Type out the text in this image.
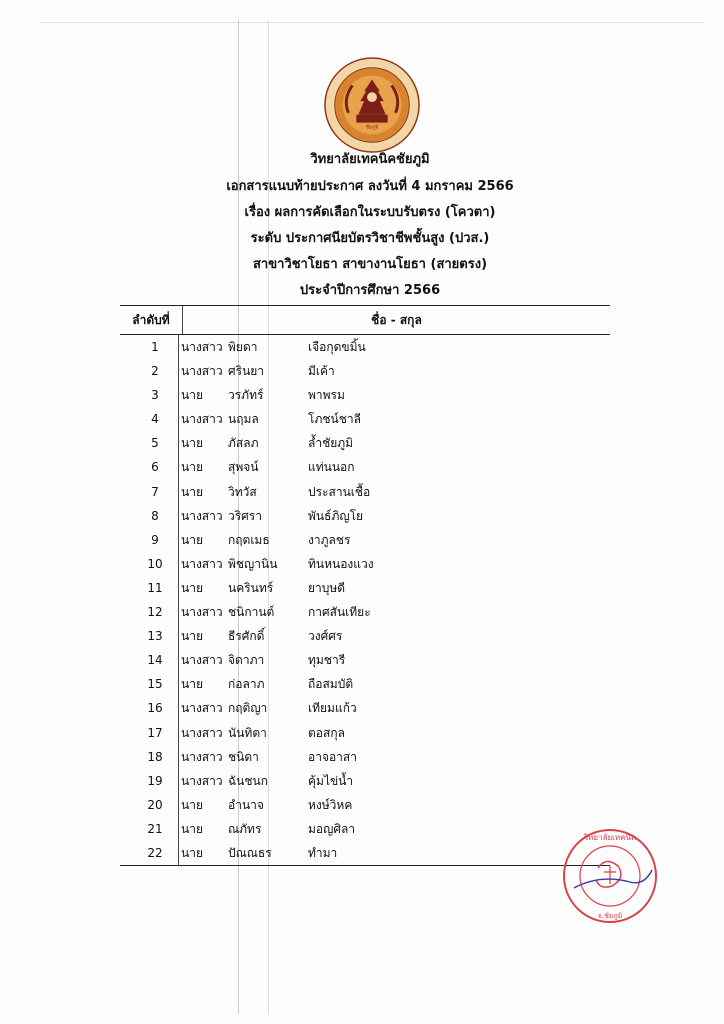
ชัยภูมิ
วิทยาลัยเทคนิคชัยภูมิ
เอกสารแนบท้ายประกาศ ลงวันที่ 4 มกราคม 2566
เรื่อง ผลการคัดเลือกในระบบรับตรง (โควตา)
ระดับ ประกาศนียบัตรวิชาชีพชั้นสูง (ปวส.)
สาขาวิชาโยธา สาขางานโยธา (สายตรง)
ประจำปีการศึกษา 2566
ลำดับที่	ชื่อ - สกุล
1	นางสาว พิยดา	เจือกุดขมิ้น
2	นางสาว ศรินยา	มีเค้า
3	นาย	วรภัทร์	พาพรม
4	นางสาว นฤมล	โภชน์ชาลี
5	นาย	ภัสลภ	ล้ำชัยภูมิ
6	นาย	สุพจน์	แท่นนอก
7	นาย	วิทวัส	ประสานเชื้อ
8	นางสาว วริศรา	พันธ์ภิญโย
9	นาย	กฤตเมธ	งาภูลชร
10	นางสาว พิชญานิน	ทินหนองแวง
11	นาย	นครินทร์	ยาบุษดี
12	นางสาว ชนิกานต์	กาศสันเทียะ
13	นาย	ธีรศักดิ์	วงศ์ศร
14	นางสาว จิดาภา	ทุมชารี
15	นาย	ก่อลาภ	ถือสมบัติ
16	นางสาว กฤติญา	เทียมแก้ว
17	นางสาว นันทิตา	ตอสกุล
18	นางสาว ชนิดา	อาจอาสา
19	นางสาว ฉันชนก	คุ้มไข่น้ำ
20	นาย	อำนาจ	หงษ์วิหค
21	นาย	ณภัทร	มอญศิลา
22	นาย	ปัณณธร	ทำมา
วิทยาลัยเทคนิค
จ.ชัยภูมิ
